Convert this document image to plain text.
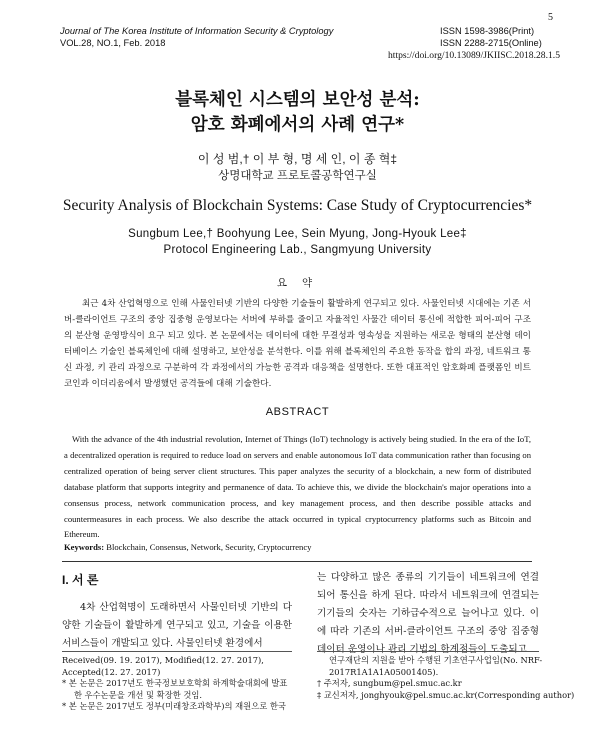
5
Journal of The Korea Institute of Information Security & Cryptology
VOL.28, NO.1, Feb. 2018
ISSN 1598-3986(Print)
ISSN 2288-2715(Online)
https://doi.org/10.13089/JKIISC.2018.28.1.5
블록체인 시스템의 보안성 분석:
암호 화폐에서의 사례 연구*
이 성 범,† 이 부 형, 명 세 인, 이 종 혁‡
상명대학교 프로토콜공학연구실
Security Analysis of Blockchain Systems: Case Study of Cryptocurrencies*
Sungbum Lee,† Boohyung Lee, Sein Myung, Jong-Hyouk Lee‡
Protocol Engineering Lab., Sangmyung University
요 약

최근 4차 산업혁명으로 인해 사물인터넷 기반의 다양한 기술들이 활발하게 연구되고 있다. 사물인터넷 시대에는 기존 서버-클라이언트 구조의 중앙 집중형 운영보다는 서버에 부하를 줄이고 자율적인 사물간 데이터 통신에 적합한 피어-피어 구조의 분산형 운영방식이 요구 되고 있다. 본 논문에서는 데이터에 대한 무결성과 영속성을 지원하는 새로운 형태의 분산형 데이터베이스 기술인 블록체인에 대해 설명하고, 보안성을 분석한다. 이를 위해 블록체인의 주요한 동작을 합의 과정, 네트워크 통신 과정, 키 관리 과정으로 구분하여 각 과정에서의 가능한 공격과 대응책을 설명한다. 또한 대표적인 암호화폐 플랫폼인 비트코인과 이더리움에서 발생했던 공격들에 대해 기술한다.

ABSTRACT

With the advance of the 4th industrial revolution, Internet of Things (IoT) technology is actively being studied. In the era of the IoT, a decentralized operation is required to reduce load on servers and enable autonomous IoT data communication rather than focusing on centralized operation of being server client structures. This paper analyzes the security of a blockchain, a new form of distributed database platform that supports integrity and permanence of data. To achieve this, we divide the blockchain's major operations into a consensus process, network communication process, and key management process, and then describe possible attacks and countermeasures in each process. We also describe the attack occurred in typical cryptocurrency platforms such as Bitcoin and Ethereum.

Keywords: Blockchain, Consensus, Network, Security, Cryptocurrency
I. 서 론

4차 산업혁명이 도래하면서 사물인터넷 기반의 다양한 기술들이 활발하게 연구되고 있고, 기술을 이용한 서비스들이 개발되고 있다. 사물인터넷 환경에서

는 다양하고 많은 종류의 기기들이 네트워크에 연결되어 통신을 하게 된다. 따라서 네트워크에 연결되는 기기들의 숫자는 기하급수적으로 늘어나고 있다. 이에 따라 기존의 서버-클라이언트 구조의 중앙 집중형 데이터 운영이나 관리 기법의 한계점들이 도출되고

Received(09. 19. 2017), Modified(12. 27. 2017),
Accepted(12. 27. 2017)
* 본 논문은 2017년도 한국정보보호학회 하계학술대회에 발표
한 우수논문을 개선 및 확장한 것임.
* 본 논문은 2017년도 정부(미래창조과학부)의 재원으로 한국
연구재단의 지원을 받아 수행된 기초연구사업임(No. NRF-
2017R1A1A1A05001405).
† 주저자, sungbum@pel.smuc.ac.kr
‡ 교신저자, jonghyouk@pel.smuc.ac.kr(Corresponding author)
